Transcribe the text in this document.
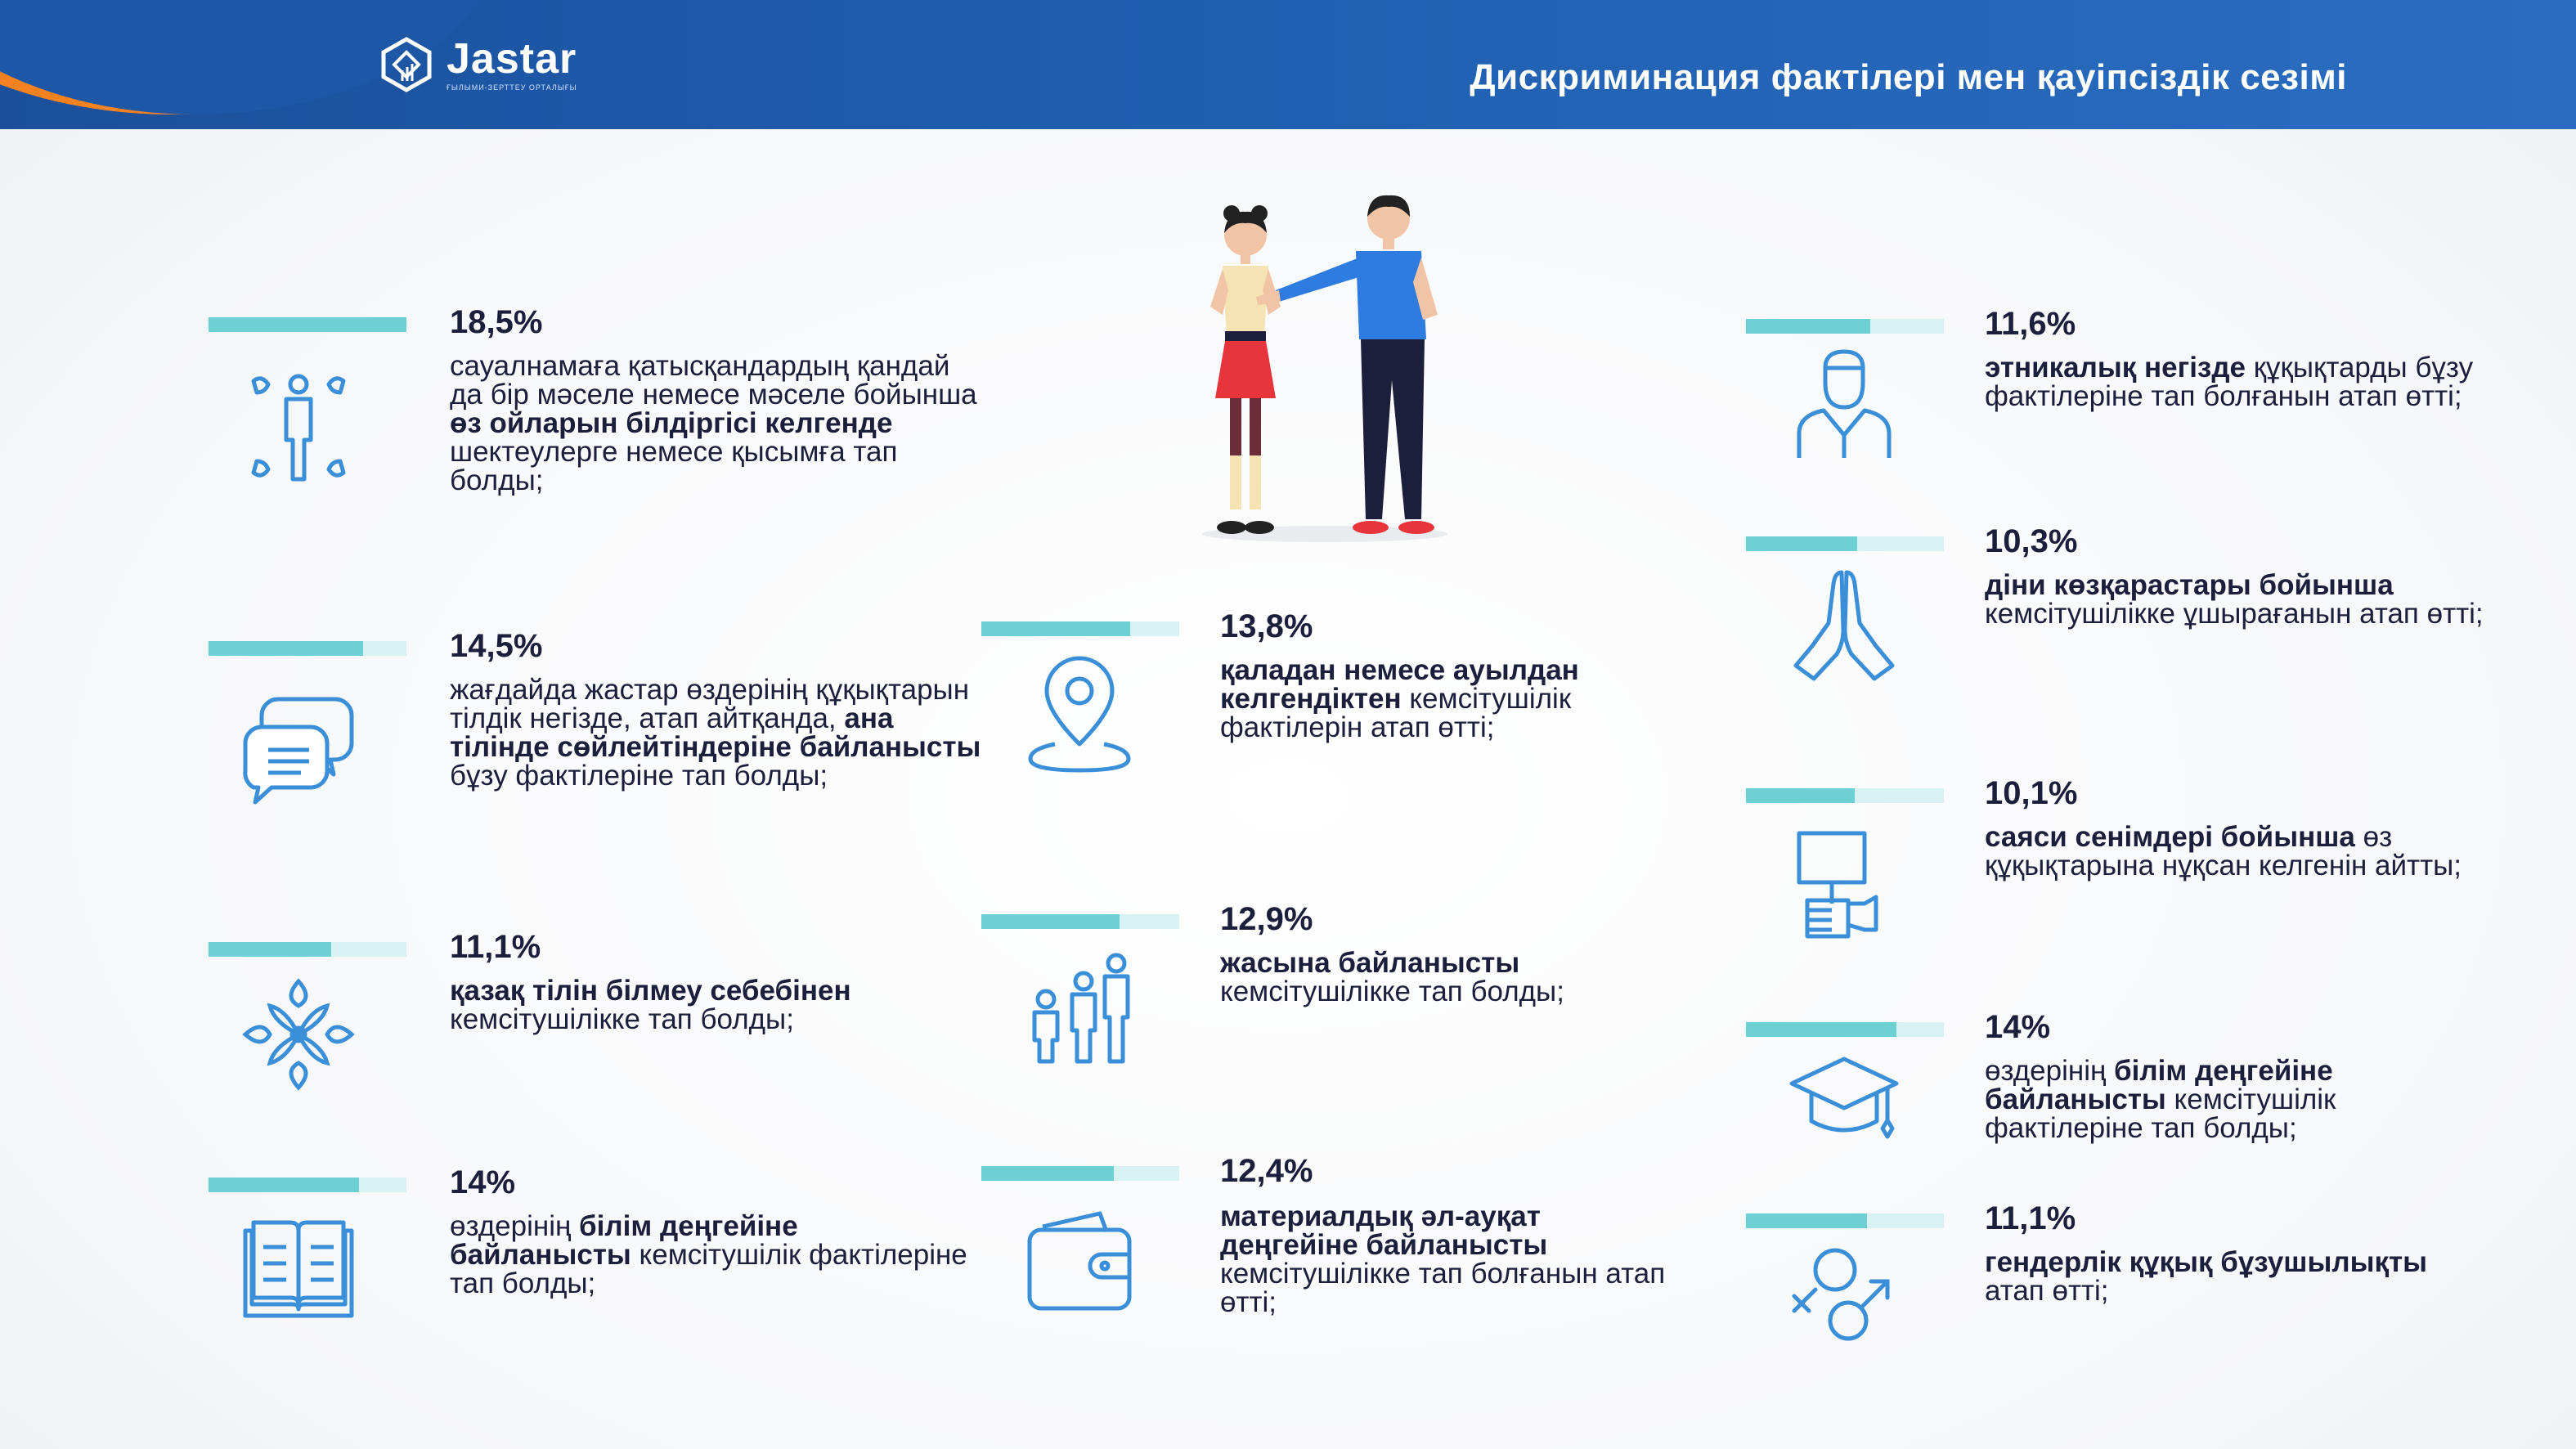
Jastar
ҒЫЛЫМИ-ЗЕРТТЕУ ОРТАЛЫҒЫ	Дискриминация фактілері мен қауіпсіздік сезімі
18,5%
сауалнамаға қатысқандардың қандай да бір мәселе немесе мәселе бойынша өз ойларын білдіргісі келгенде шектеулерге немесе қысымға тап болды;
14,5%
жағдайда жастар өздерінің құқықтарын тілдік негізде, атап айтқанда, ана тілінде сөйлейтіндеріне байланысты бұзу фактілеріне тап болды;
11,1%
қазақ тілін білмеу себебінен кемсітушілікке тап болды;
14%
өздерінің білім деңгейіне байланысты кемсітушілік фактілеріне тап болды;
13,8%
қаладан немесе ауылдан келгендіктен кемсітушілік фактілерін атап өтті;
12,9%
жасына байланысты кемсітушілікке тап болды;
12,4%
материалдық әл-ауқат деңгейіне байланысты кемсітушілікке тап болғанын атап өтті;
11,6%
этникалық негізде құқықтарды бұзу фактілеріне тап болғанын атап өтті;
10,3%
діни көзқарастары бойынша кемсітушілікке ұшырағанын атап өтті;
10,1%
саяси сенімдері бойынша өз құқықтарына нұқсан келгенін айтты;
14%
өздерінің білім деңгейіне байланысты кемсітушілік фактілеріне тап болды;
11,1%
гендерлік құқық бұзушылықты атап өтті;
